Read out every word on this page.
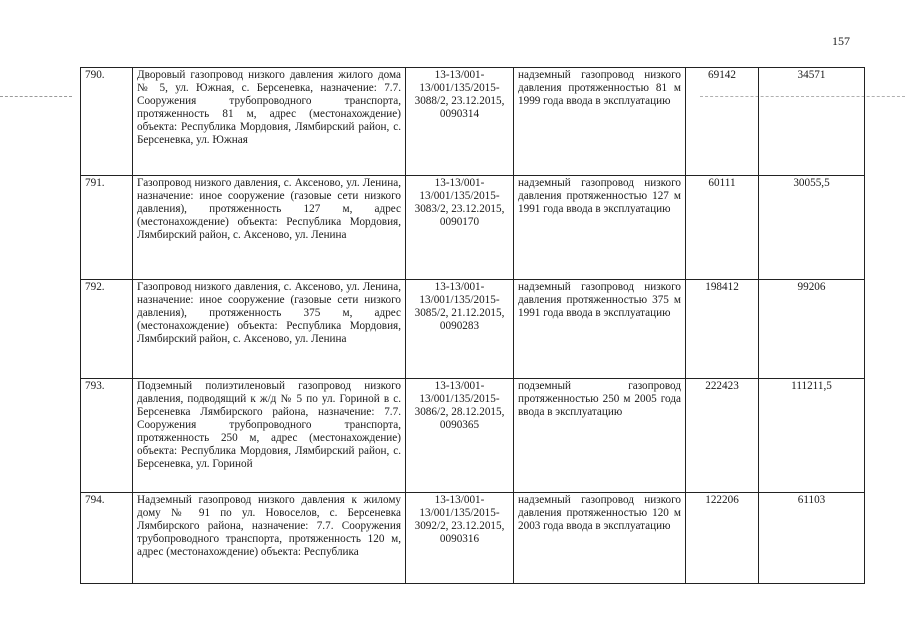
157
790.	Дворовый газопровод низкого давления жилого дома № 5, ул. Южная, с. Берсеневка, назначение: 7.7. Сооружения трубопроводного транспорта, протяженность 81 м, адрес (местонахождение) объекта: Республика Мордовия, Лямбирский район, с. Берсеневка, ул. Южная	13-13/001-13/001/135/2015-3088/2, 23.12.2015, 0090314	надземный газопровод низкого давления протяженностью 81 м 1999 года ввода в эксплуатацию	69142	34571
791.	Газопровод низкого давления, с. Аксеново, ул. Ленина, назначение: иное сооружение (газовые сети низкого давления), протяженность 127 м, адрес (местонахождение) объекта: Республика Мордовия, Лямбирский район, с. Аксеново, ул. Ленина	13-13/001-13/001/135/2015-3083/2, 23.12.2015, 0090170	надземный газопровод низкого давления протяженностью 127 м 1991 года ввода в эксплуатацию	60111	30055,5
792.	Газопровод низкого давления, с. Аксеново, ул. Ленина, назначение: иное сооружение (газовые сети низкого давления), протяженность 375 м, адрес (местонахождение) объекта: Республика Мордовия, Лямбирский район, с. Аксеново, ул. Ленина	13-13/001-13/001/135/2015-3085/2, 21.12.2015, 0090283	надземный газопровод низкого давления протяженностью 375 м 1991 года ввода в эксплуатацию	198412	99206
793.	Подземный полиэтиленовый газопровод низкого давления, подводящий к ж/д № 5 по ул. Гориной в с. Берсеневка Лямбирского района, назначение: 7.7. Сооружения трубопроводного транспорта, протяженность 250 м, адрес (местонахождение) объекта: Республика Мордовия, Лямбирский район, с. Берсеневка, ул. Гориной	13-13/001-13/001/135/2015-3086/2, 28.12.2015, 0090365	подземный газопровод протяженностью 250 м 2005 года ввода в эксплуатацию	222423	111211,5
794.	Надземный газопровод низкого давления к жилому дому № 91 по ул. Новоселов, с. Берсеневка Лямбирского района, назначение: 7.7. Сооружения трубопроводного транспорта, протяженность 120 м, адрес (местонахождение) объекта: Республика	13-13/001-13/001/135/2015-3092/2, 23.12.2015, 0090316	надземный газопровод низкого давления протяженностью 120 м 2003 года ввода в эксплуатацию	122206	61103
